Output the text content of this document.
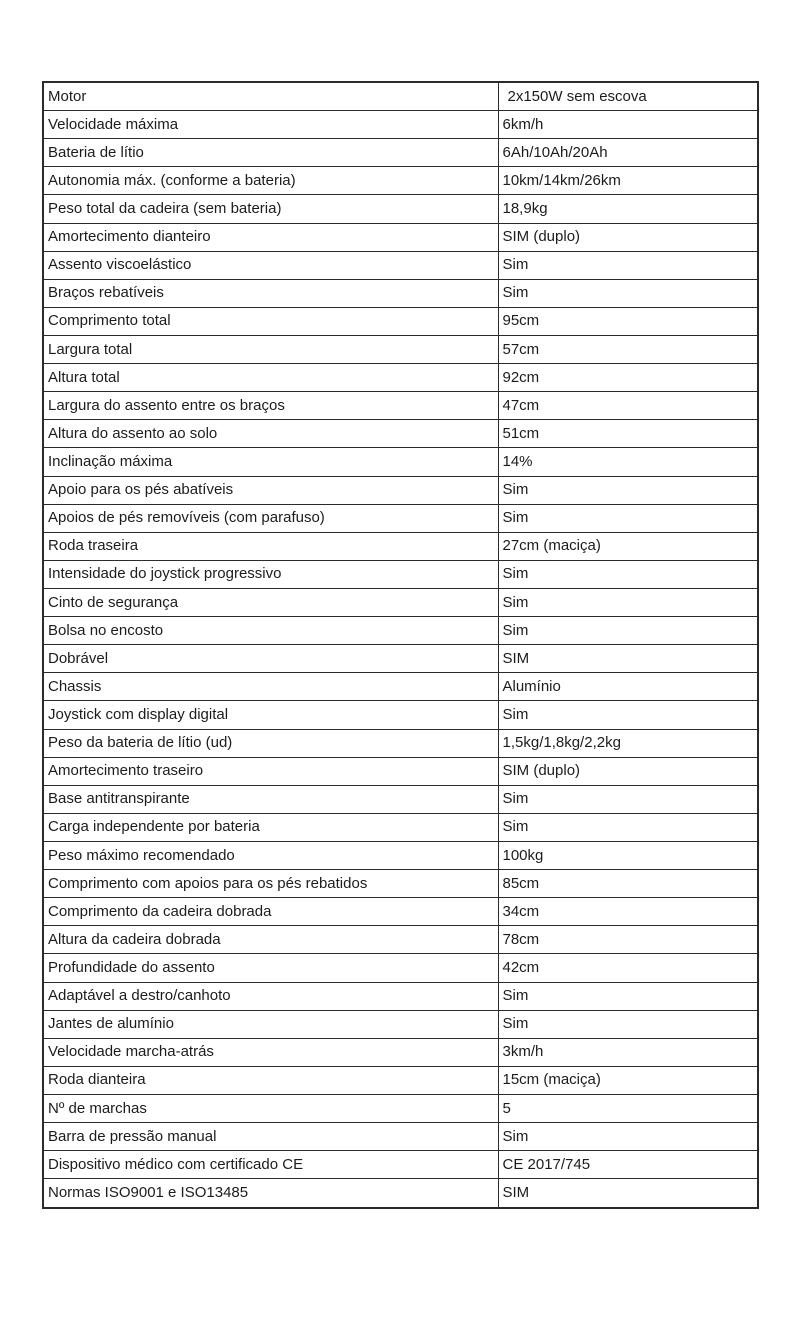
Motor	2x150W sem escova
Velocidade máxima	6km/h
Bateria de lítio	6Ah/10Ah/20Ah
Autonomia máx. (conforme a bateria)	10km/14km/26km
Peso total da cadeira (sem bateria)	18,9kg
Amortecimento dianteiro	SIM (duplo)
Assento viscoelástico	Sim
Braços rebatíveis	Sim
Comprimento total	95cm
Largura total	57cm
Altura total	92cm
Largura do assento entre os braços	47cm
Altura do assento ao solo	51cm
Inclinação máxima	14%
Apoio para os pés abatíveis	Sim
Apoios de pés removíveis (com parafuso)	Sim
Roda traseira	27cm (maciça)
Intensidade do joystick progressivo	Sim
Cinto de segurança	Sim
Bolsa no encosto	Sim
Dobrável	SIM
Chassis	Alumínio
Joystick com display digital	Sim
Peso da bateria de lítio (ud)	1,5kg/1,8kg/2,2kg
Amortecimento traseiro	SIM (duplo)
Base antitranspirante	Sim
Carga independente por bateria	Sim
Peso máximo recomendado	100kg
Comprimento com apoios para os pés rebatidos	85cm
Comprimento da cadeira dobrada	34cm
Altura da cadeira dobrada	78cm
Profundidade do assento	42cm
Adaptável a destro/canhoto	Sim
Jantes de alumínio	Sim
Velocidade marcha-atrás	3km/h
Roda dianteira	15cm (maciça)
Nº de marchas	5
Barra de pressão manual	Sim
Dispositivo médico com certificado CE	CE 2017/745
Normas ISO9001 e ISO13485	SIM
